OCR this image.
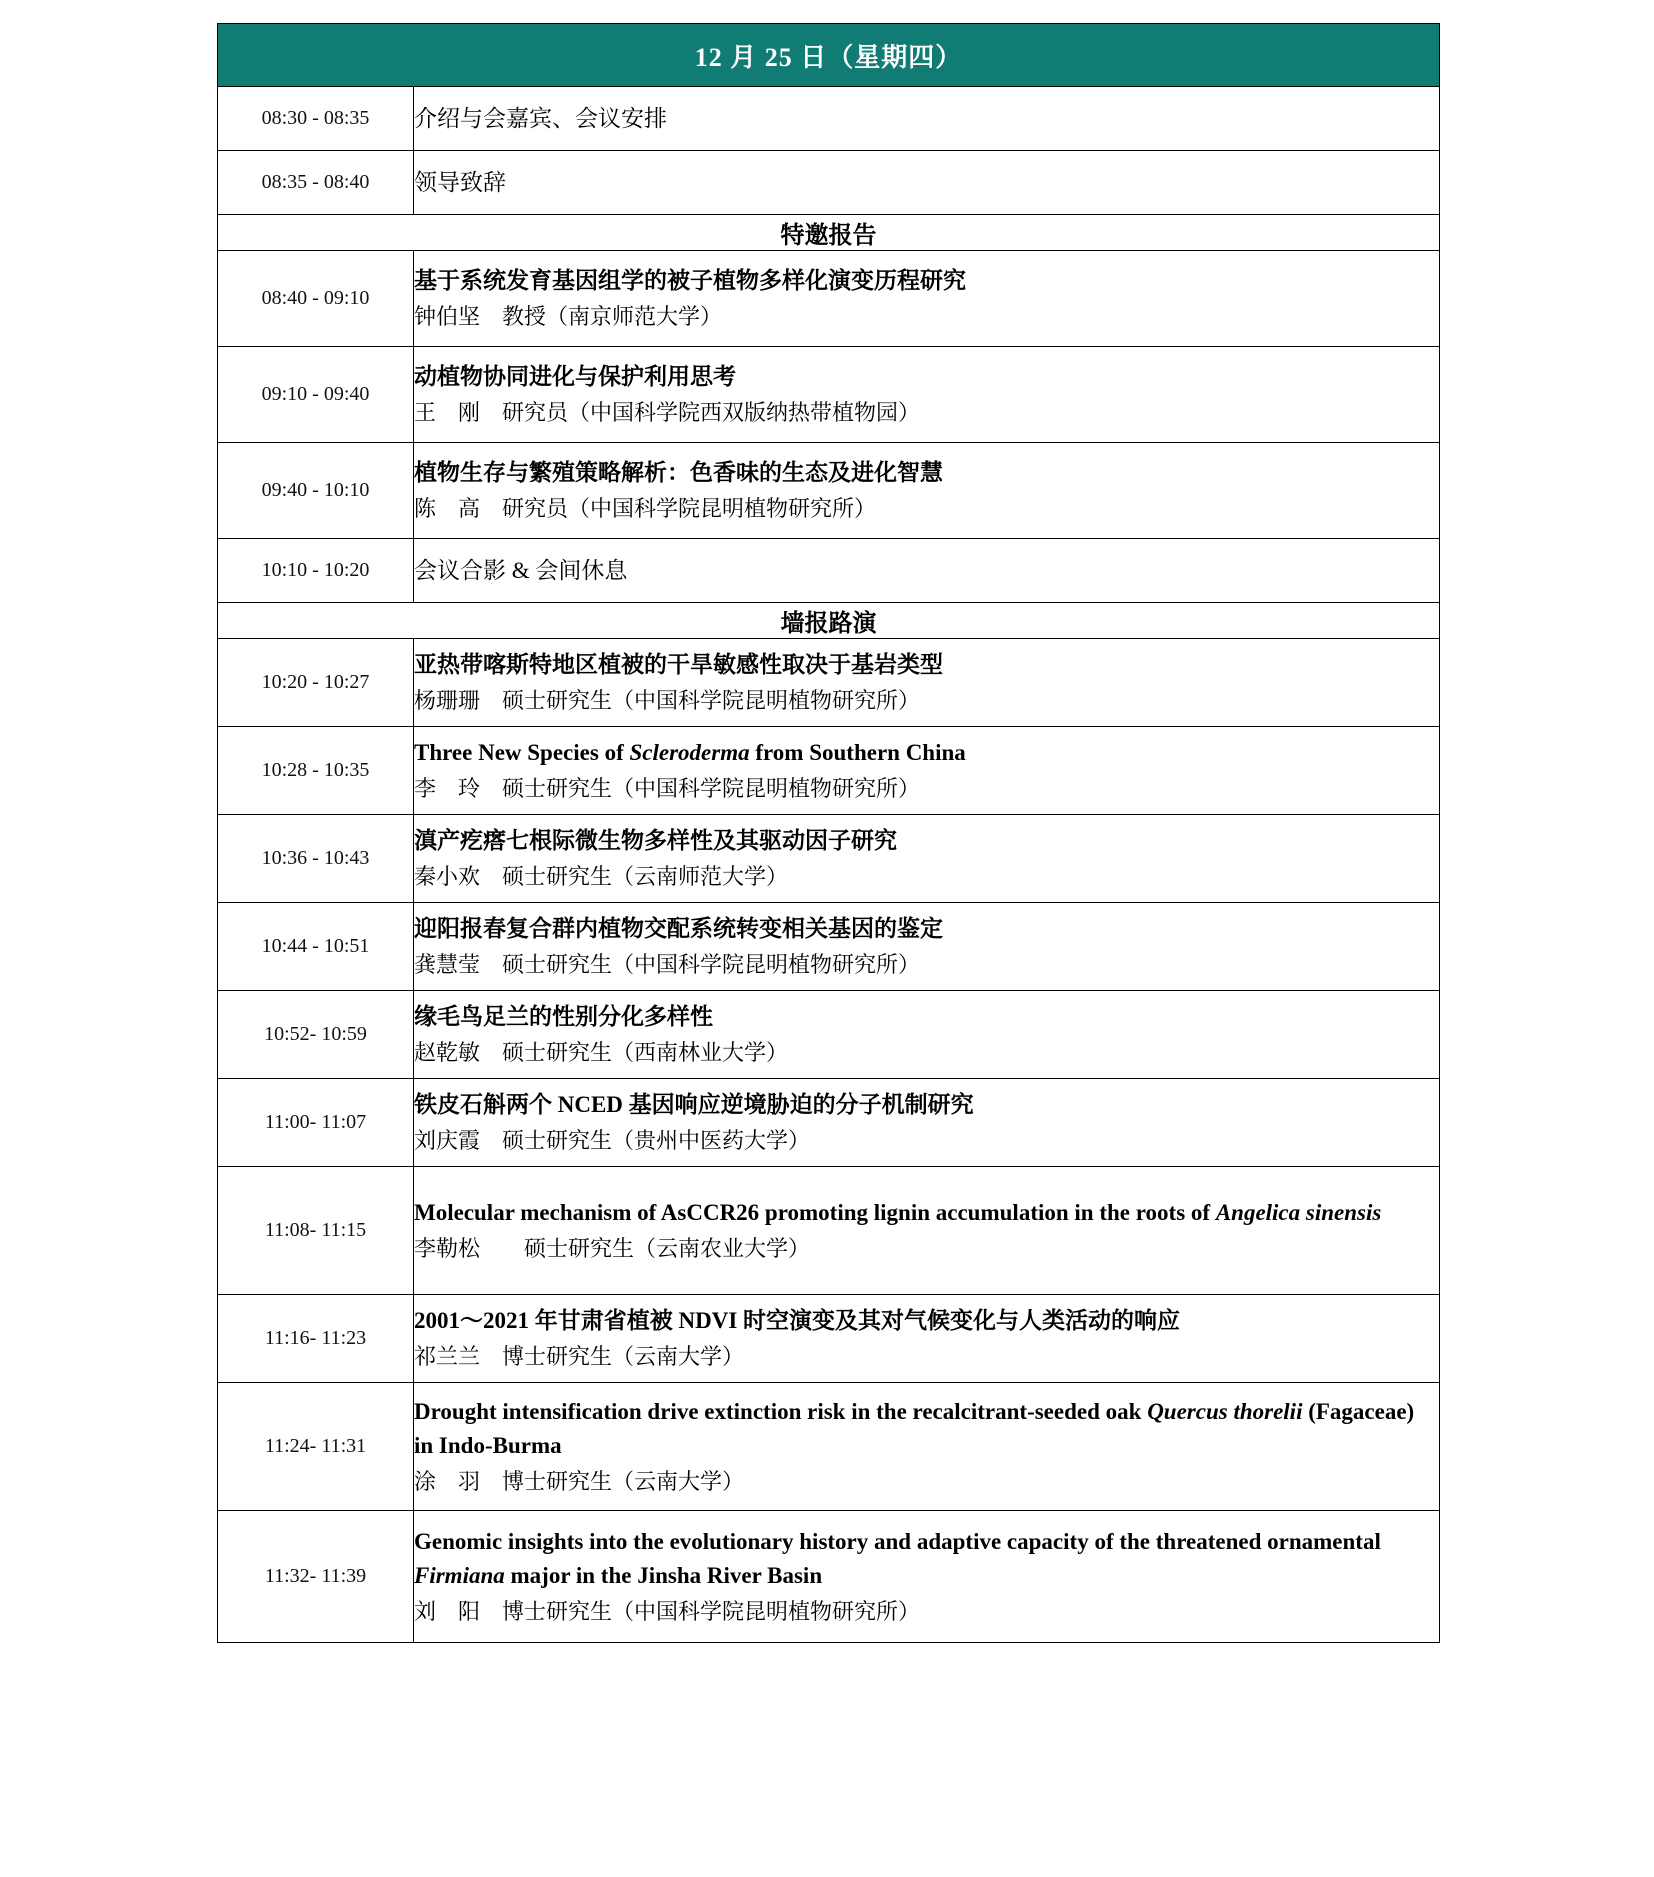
12 月 25 日（星期四）	
08:30 - 08:35	介绍与会嘉宾、会议安排
08:35 - 08:40	领导致辞
特邀报告	
08:40 - 09:10	基于系统发育基因组学的被子植物多样化演变历程研究
钟伯坚　教授（南京师范大学）

09:10 - 09:40	动植物协同进化与保护利用思考
王　刚　研究员（中国科学院西双版纳热带植物园）

09:40 - 10:10	植物生存与繁殖策略解析：色香味的生态及进化智慧
陈　高　研究员（中国科学院昆明植物研究所）

10:10 - 10:20	会议合影 & 会间休息
墙报路演	
10:20 - 10:27	亚热带喀斯特地区植被的干旱敏感性取决于基岩类型
杨珊珊　硕士研究生（中国科学院昆明植物研究所）

10:28 - 10:35	Three New Species of Scleroderma from Southern China
李　玲　硕士研究生（中国科学院昆明植物研究所）

10:36 - 10:43	滇产疙瘩七根际微生物多样性及其驱动因子研究
秦小欢　硕士研究生（云南师范大学）

10:44 - 10:51	迎阳报春复合群内植物交配系统转变相关基因的鉴定
龚慧莹　硕士研究生（中国科学院昆明植物研究所）

10:52- 10:59	缘毛鸟足兰的性别分化多样性
赵乾敏　硕士研究生（西南林业大学）

11:00- 11:07	铁皮石斛两个 NCED 基因响应逆境胁迫的分子机制研究
刘庆霞　硕士研究生（贵州中医药大学）

11:08- 11:15	Molecular mechanism of AsCCR26 promoting lignin accumulation in the roots of Angelica sinensis
李勒松　　硕士研究生（云南农业大学）

11:16- 11:23	2001～2021 年甘肃省植被 NDVI 时空演变及其对气候变化与人类活动的响应
祁兰兰　博士研究生（云南大学）

11:24- 11:31	Drought intensification drive extinction risk in the recalcitrant-seeded oak Quercus thorelii (Fagaceae) in Indo-Burma
涂　羽　博士研究生（云南大学）

11:32- 11:39	Genomic insights into the evolutionary history and adaptive capacity of the threatened ornamental Firmiana major in the Jinsha River Basin
刘　阳　博士研究生（中国科学院昆明植物研究所）
